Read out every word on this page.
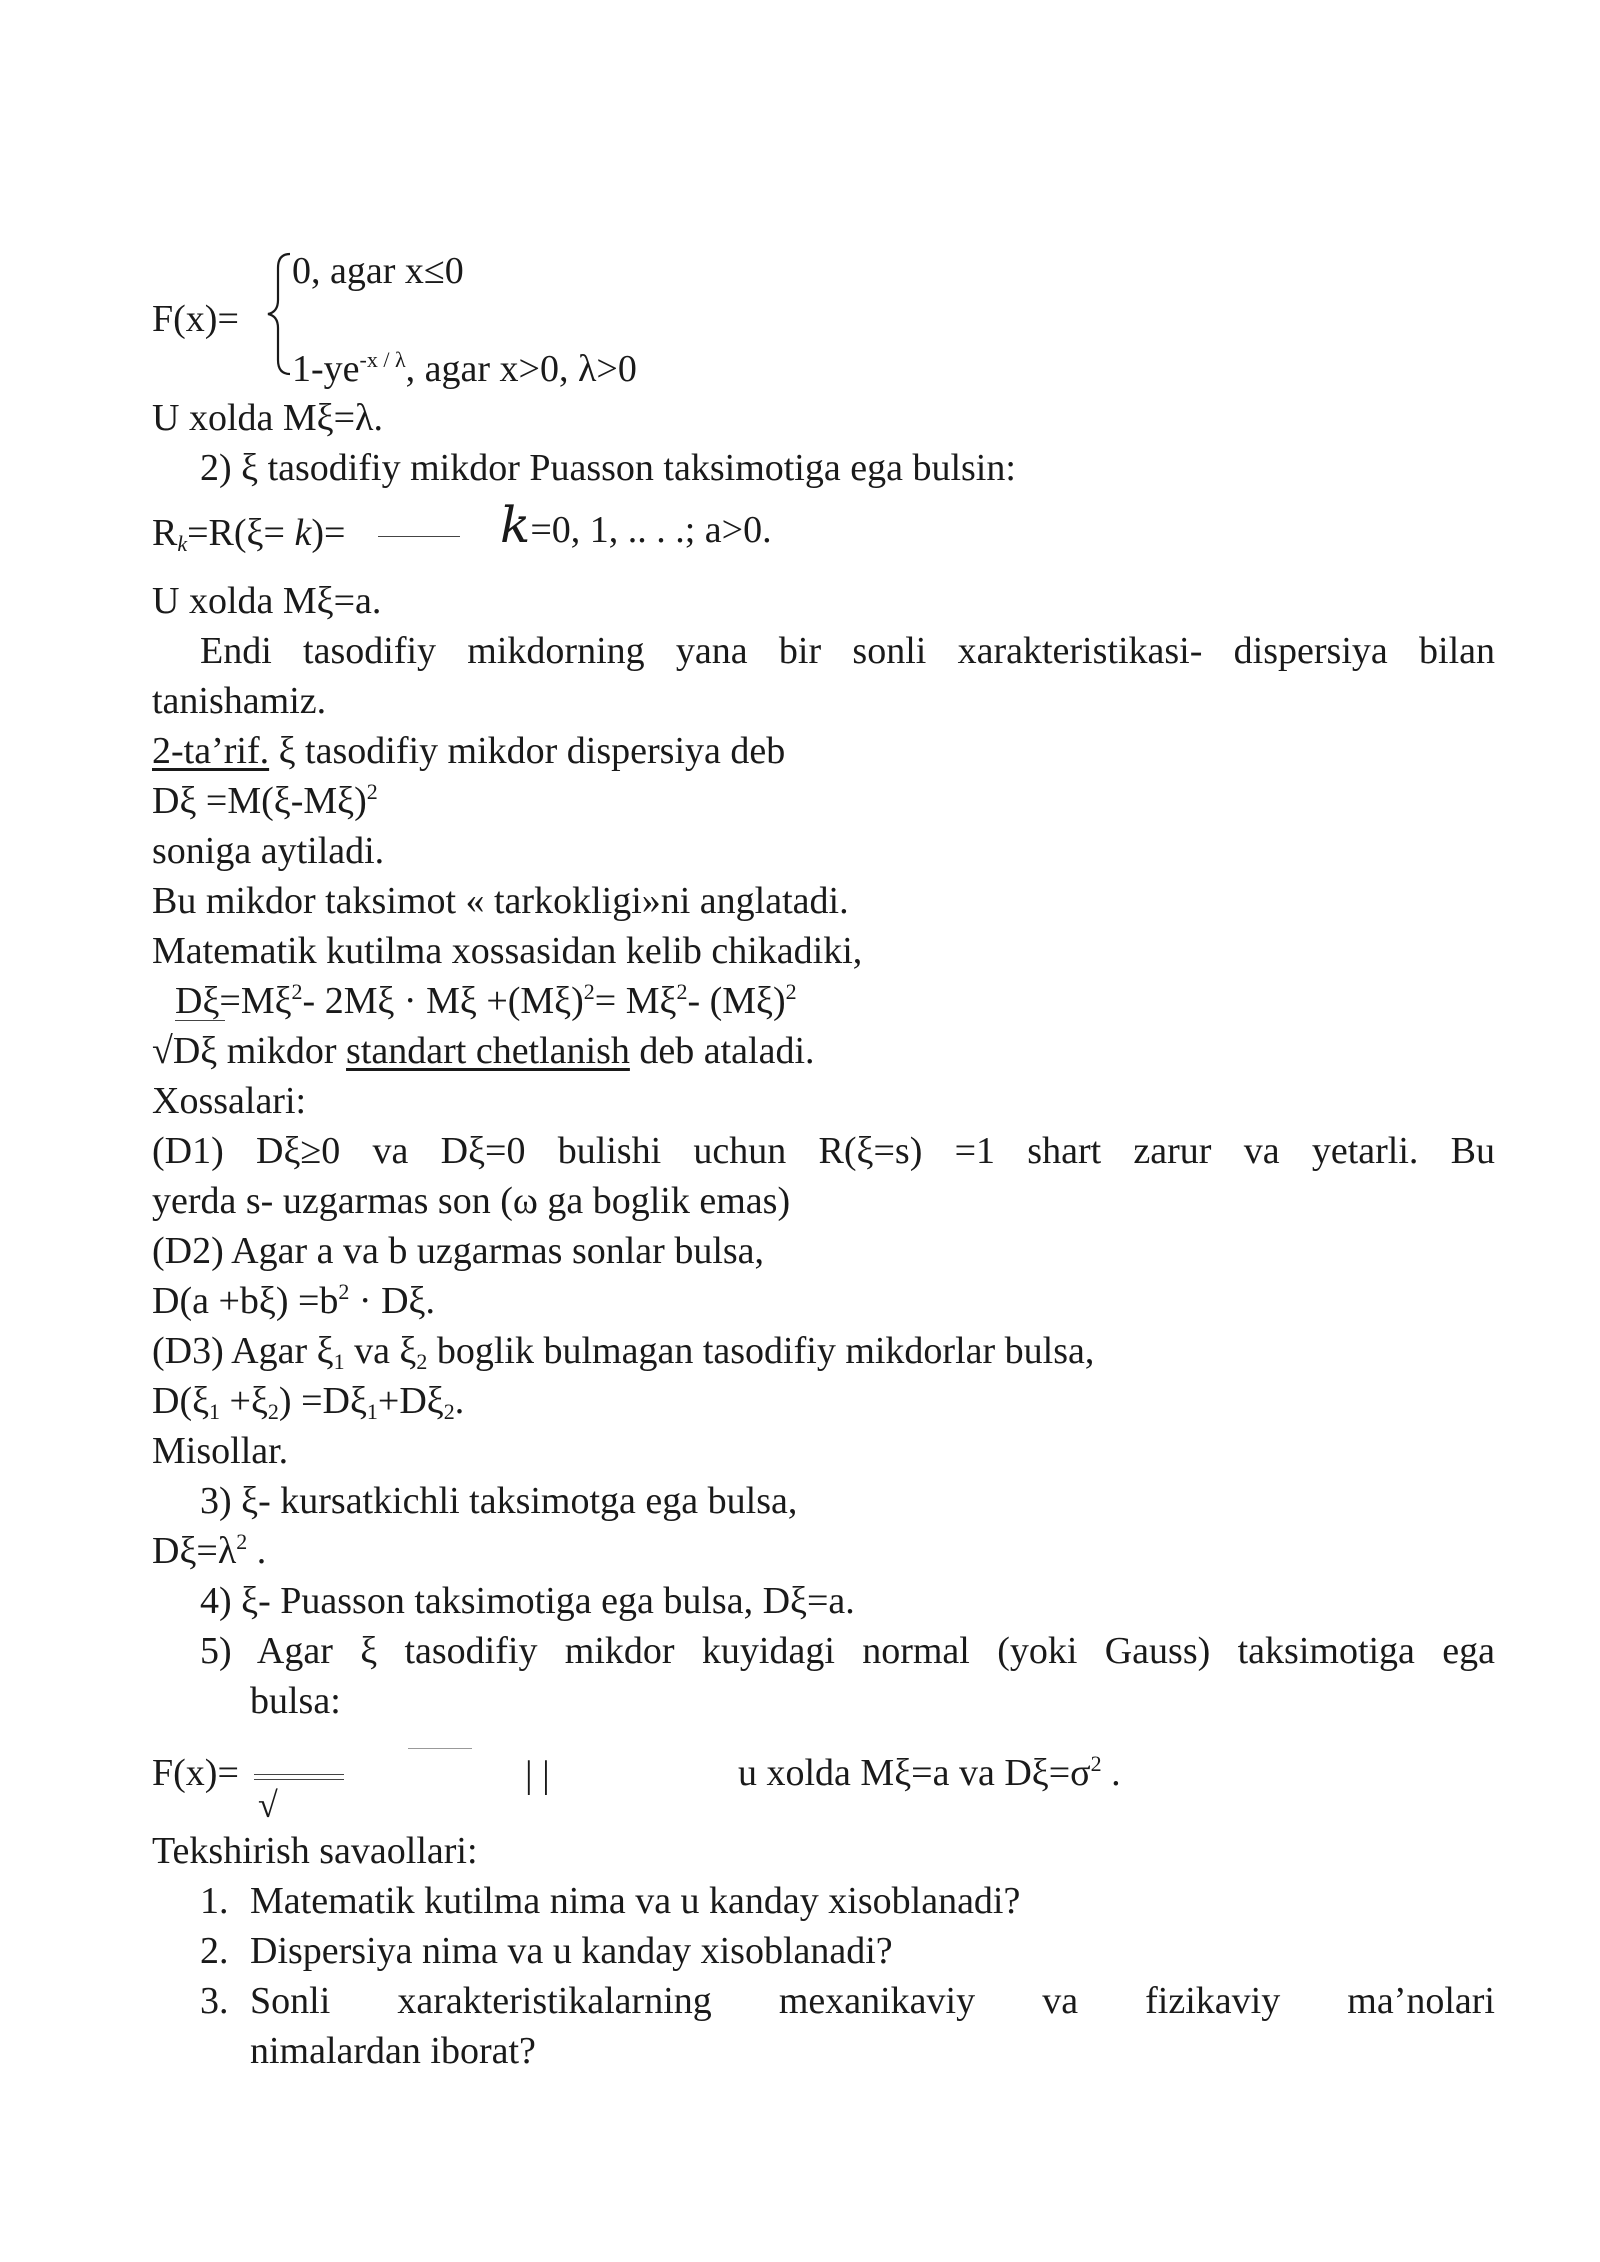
F(x)=
0, agar x≤0
$1-ye^{-x / \lambda}$, agar x>0, λ>0
U xolda Mξ=λ.
2) ξ tasodifiy mikdor Puasson taksimotiga ega bulsin:
$R_k=R(\xi= k)=$	k=0, 1, .. . .; a>0.
U xolda Mξ=a.
Endi tasodifiy mikdorning yana bir sonli xarakteristikasi- dispersiya bilan
tanishamiz.
2-ta’rif. ξ tasodifiy mikdor dispersiya deb
$D\xi =M(\xi-M\xi)^2$
soniga aytiladi.
Bu mikdor taksimot « tarkokligi»ni anglatadi.
Matematik kutilma xossasidan kelib chikadiki,
$D\xi=M\xi^2-$ $2M\xi \cdot M\xi +(M\xi)^2= M\xi^2-$ $(M\xi)^2$
√Dξ mikdor standart chetlanish deb ataladi.
Xossalari:
(D1) Dξ≥0 va Dξ=0 bulishi uchun R(ξ=s) =1 shart zarur va yetarli. Bu
yerda s- uzgarmas son (ω ga boglik emas)
(D2) Agar a va b uzgarmas sonlar bulsa,
$D(a +b\xi) =b^2 \cdot D\xi$.
(D3) Agar $\xi_1$ va $\xi_2$ boglik bulmagan tasodifiy mikdorlar bulsa,
$D(\xi_1 +\xi_2) =D\xi_1+D\xi_2$.
Misollar.
3) ξ- kursatkichli taksimotga ega bulsa,
$D\xi=\lambda^2$ .
4) ξ- Puasson taksimotiga ega bulsa, Dξ=a.
5) Agar ξ tasodifiy mikdor kuyidagi normal (yoki Gauss) taksimotiga ega
bulsa:
F(x)=
√
| |	u xolda Mξ=a va $D\xi=\sigma^2$ .
Tekshirish savaollari:
1. Matematik kutilma nima va u kanday xisoblanadi?
2. Dispersiya nima va u kanday xisoblanadi?
3. Sonli xarakteristikalarning mexanikaviy va fizikaviy ma’nolari
nimalardan iborat?
